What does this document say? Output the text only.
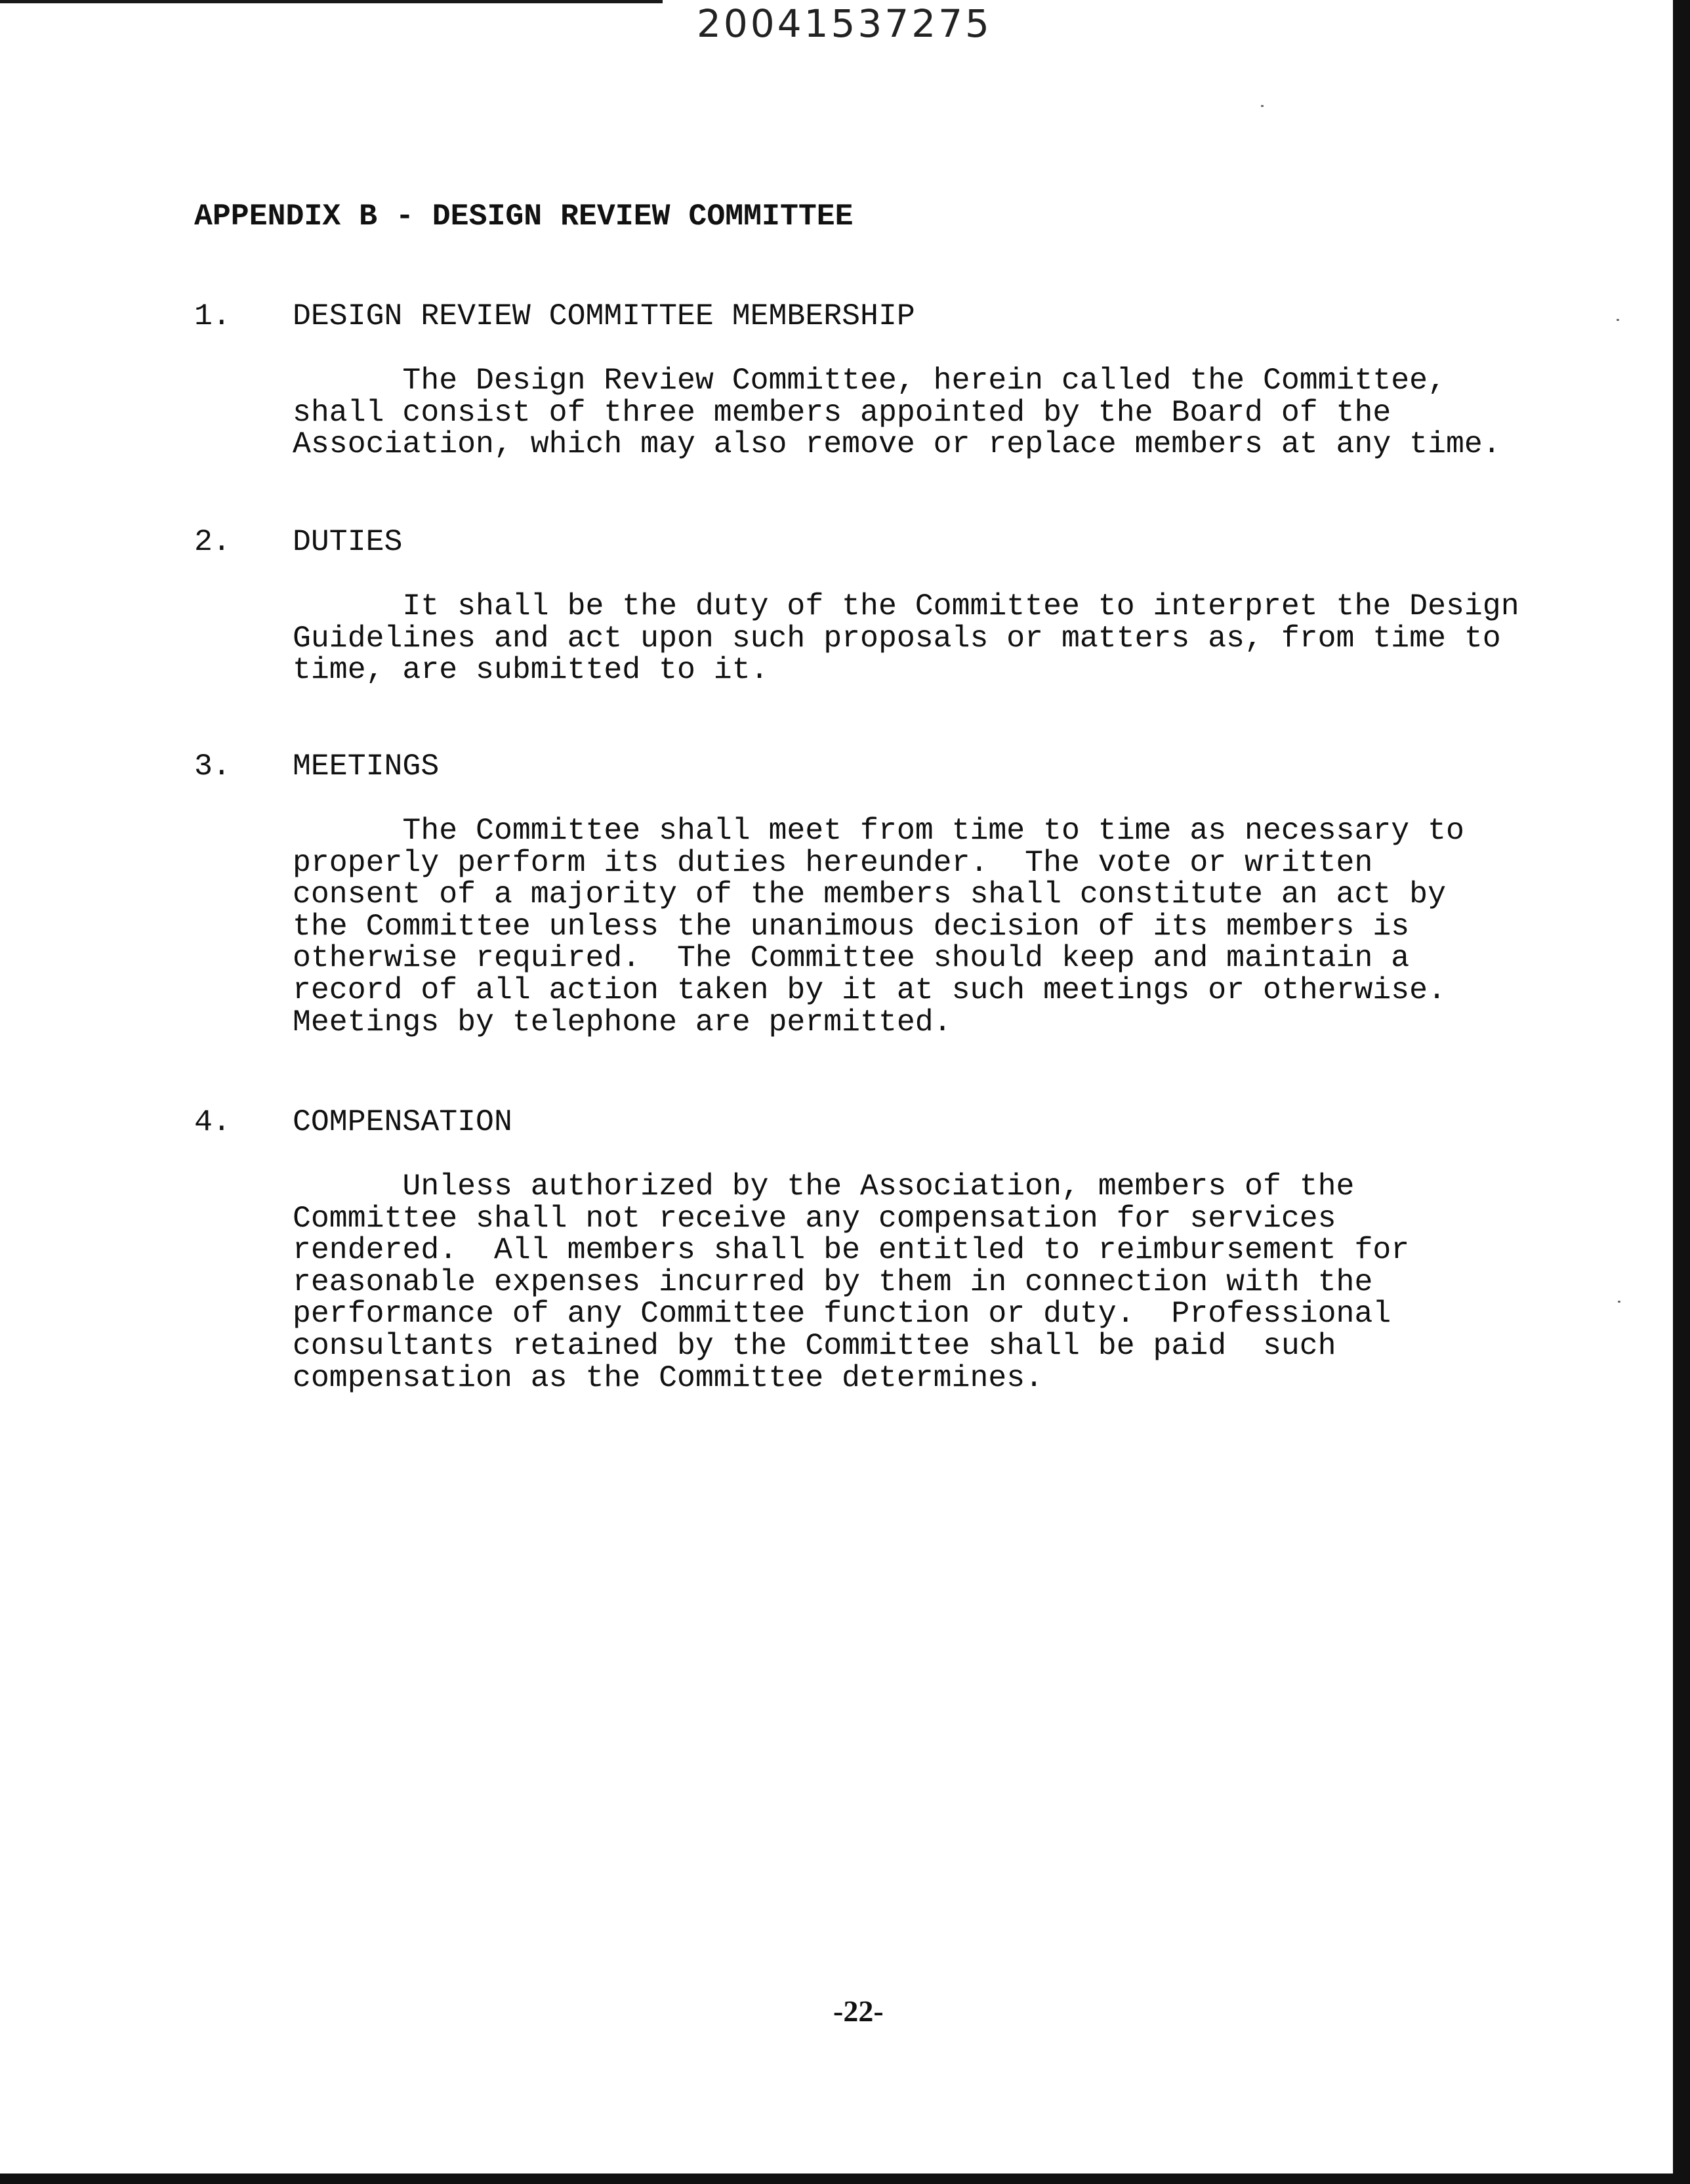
20041537275
APPENDIX B - DESIGN REVIEW COMMITTEE
1. DESIGN REVIEW COMMITTEE MEMBERSHIP
The Design Review Committee, herein called the Committee,
shall consist of three members appointed by the Board of the
Association, which may also remove or replace members at any time.
2. DUTIES
It shall be the duty of the Committee to interpret the Design
Guidelines and act upon such proposals or matters as, from time to
time, are submitted to it.
3. MEETINGS
The Committee shall meet from time to time as necessary to
properly perform its duties hereunder.  The vote or written
consent of a majority of the members shall constitute an act by
the Committee unless the unanimous decision of its members is
otherwise required.  The Committee should keep and maintain a
record of all action taken by it at such meetings or otherwise.
Meetings by telephone are permitted.
4. COMPENSATION
Unless authorized by the Association, members of the
Committee shall not receive any compensation for services
rendered.  All members shall be entitled to reimbursement for
reasonable expenses incurred by them in connection with the
performance of any Committee function or duty.  Professional
consultants retained by the Committee shall be paid  such
compensation as the Committee determines.
-22-
